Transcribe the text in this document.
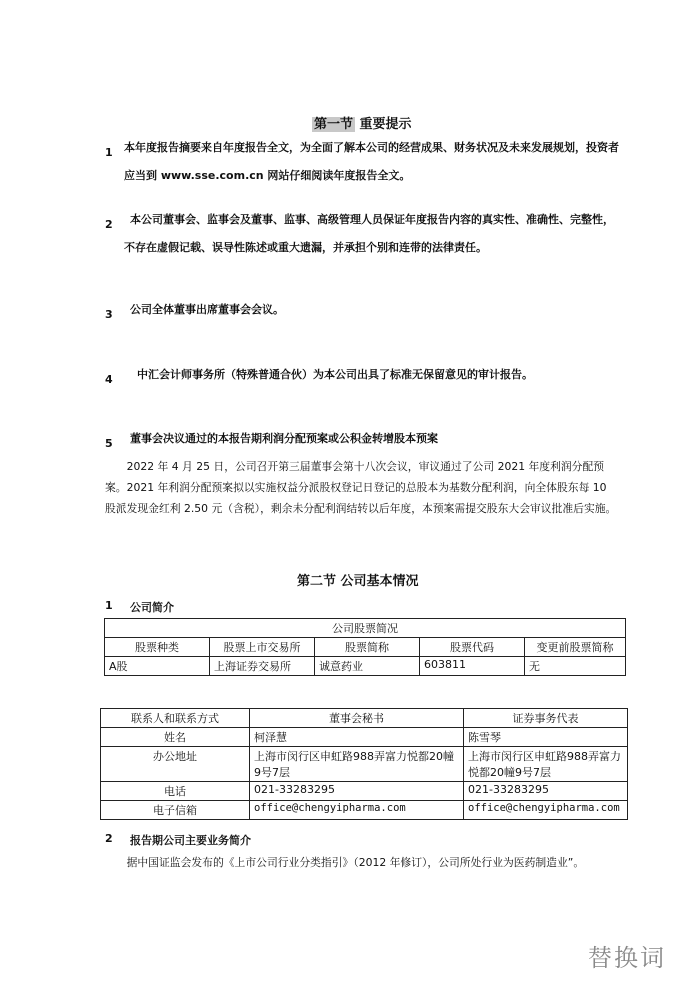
第一节 重要提示
1 本年度报告摘要来自年度报告全文，为全面了解本公司的经营成果、财务状况及未来发展规划，投资者应当到 www.sse.com.cn 网站仔细阅读年度报告全文。
2	本公司董事会、监事会及董事、监事、高级管理人员保证年度报告内容的真实性、准确性、完整性，不存在虚假记载、误导性陈述或重大遗漏，并承担个别和连带的法律责任。
3 公司全体董事出席董事会会议。
4 中汇会计师事务所（特殊普通合伙）为本公司出具了标准无保留意见的审计报告。
5 董事会决议通过的本报告期利润分配预案或公积金转增股本预案
2022 年 4 月 25 日，公司召开第三届董事会第十八次会议，审议通过了公司 2021 年度利润分配预案。2021 年利润分配预案拟以实施权益分派股权登记日登记的总股本为基数分配利润，向全体股东每 10 股派发现金红利 2.50 元（含税），剩余未分配利润结转以后年度，本预案需提交股东大会审议批准后实施。
第二节 公司基本情况
1 公司简介
公司股票简况				
股票种类	股票上市交易所	股票简称	股票代码	变更前股票简称
A股	上海证券交易所	诚意药业	603811	无
联系人和联系方式	董事会秘书	证券事务代表
姓名	柯泽慧	陈雪琴
办公地址	上海市闵行区申虹路988弄富力悦都20幢9号7层	上海市闵行区申虹路988弄富力悦都20幢9号7层
电话	021-33283295	021-33283295
电子信箱	office@chengyipharma.com	office@chengyipharma.com
2 报告期公司主要业务简介
据中国证监会发布的《上市公司行业分类指引》（2012 年修订），公司所处行业为医药制造业”。
替换词
